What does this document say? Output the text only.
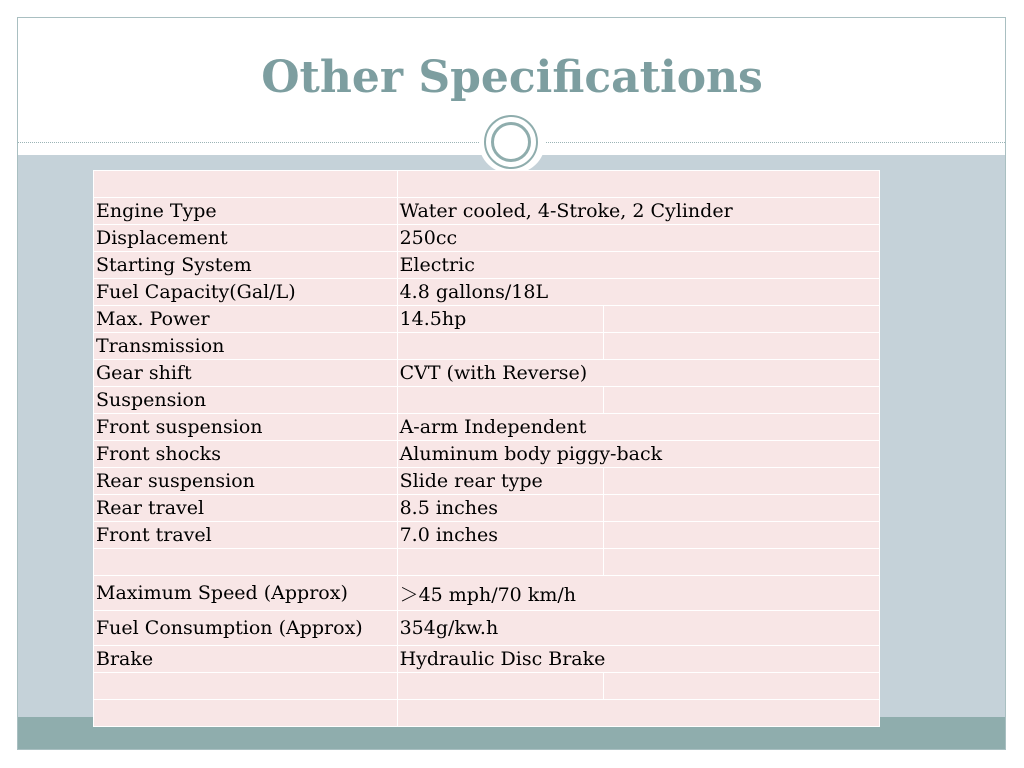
Other Specifications

Engine Type	Water cooled, 4-Stroke, 2 Cylinder	
Displacement	250cc	
Starting System	Electric	
Fuel Capacity(Gal/L)	4.8 gallons/18L	
Max. Power	14.5hp	
Transmission		
Gear shift	CVT (with Reverse)	
Suspension		
Front suspension	A-arm Independent	
Front shocks	Aluminum body piggy-back	
Rear suspension	Slide rear type	
Rear travel	8.5 inches	
Front travel	7.0 inches	

Maximum Speed (Approx)	＞45 mph/70 km/h	
Fuel Consumption (Approx)	354g/kw.h	
Brake	Hydraulic Disc Brake	
